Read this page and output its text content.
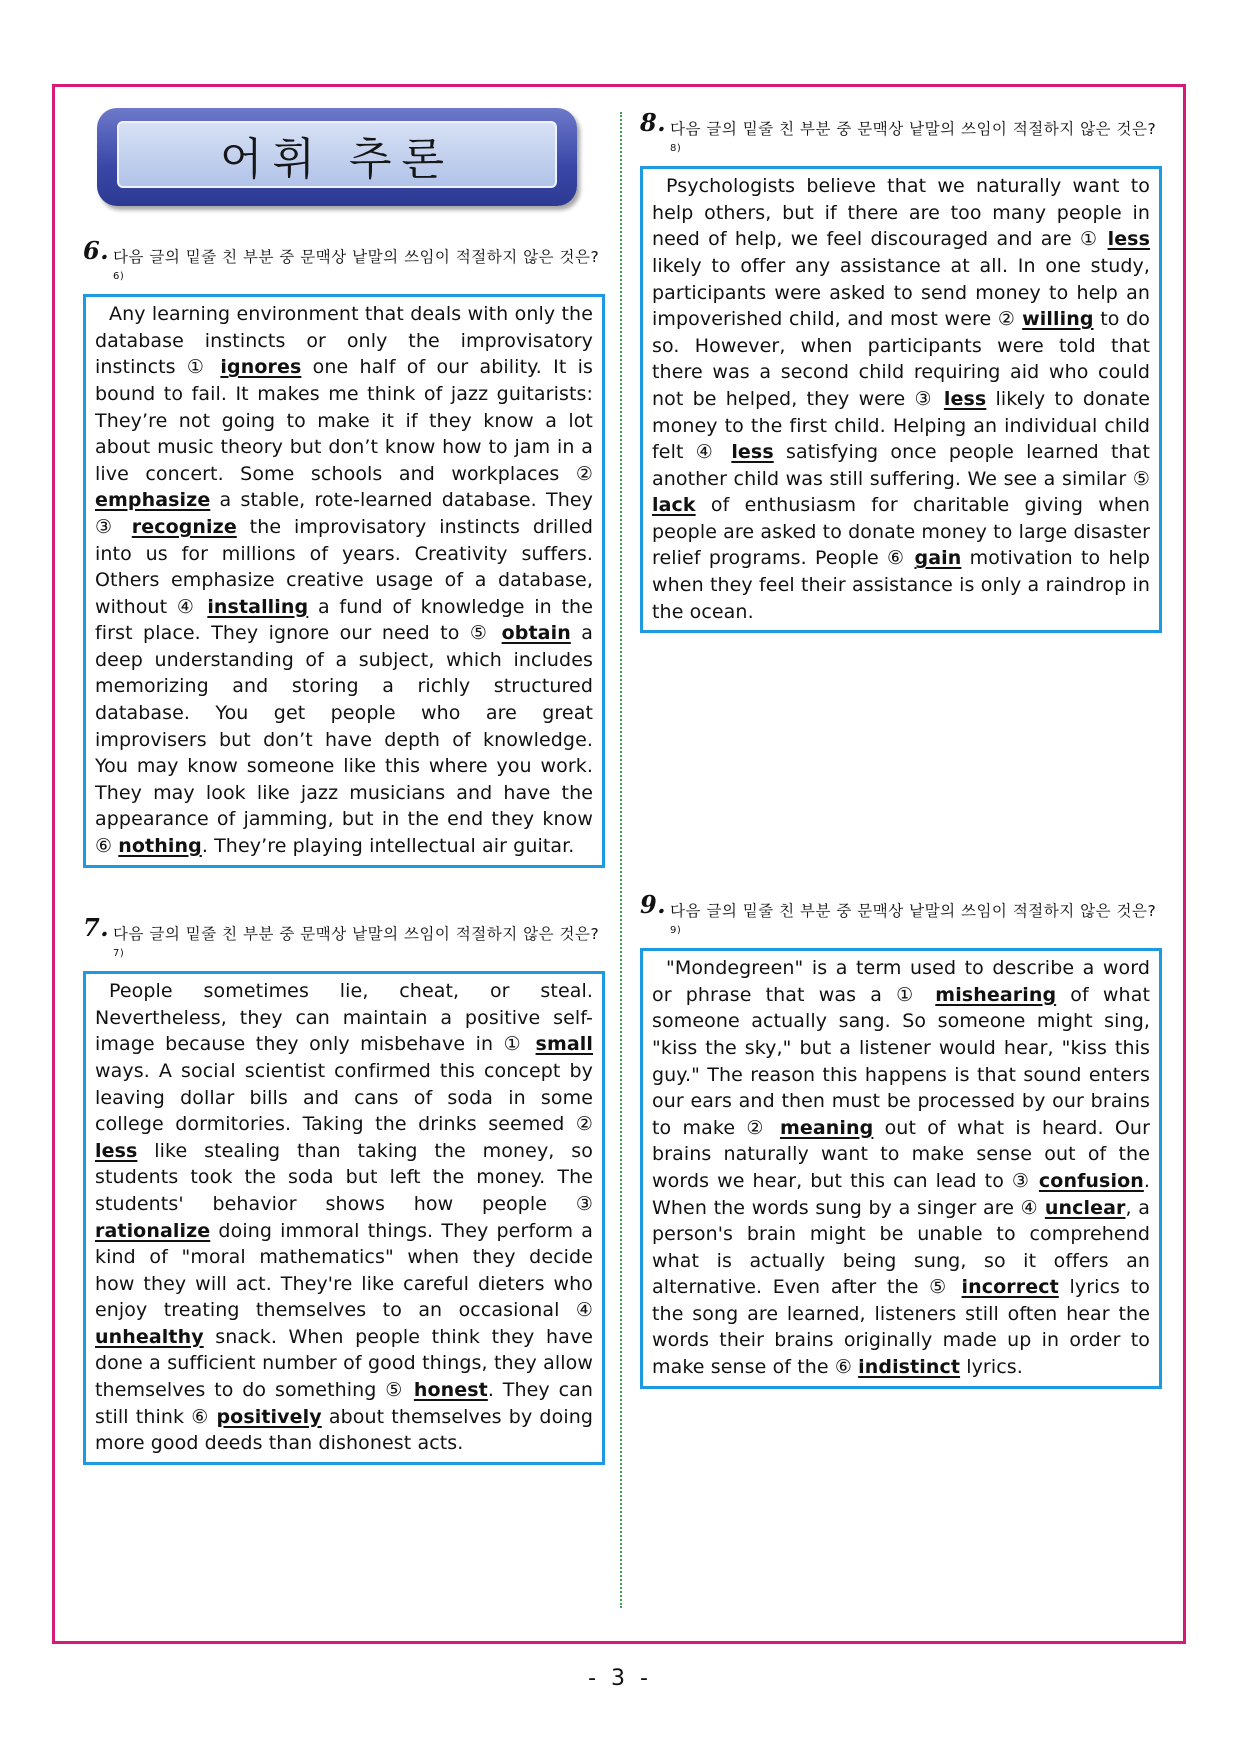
어휘 추론
6. 다음 글의 밑줄 친 부분 중 문맥상 낱말의 쓰임이 적절하지 않은 것은?$^{6)}$
Any learning environment that deals with only the database instincts or only the improvisatory instincts ① ignores one half of our ability. It is bound to fail. It makes me think of jazz guitarists: They’re not going to make it if they know a lot about music theory but don’t know how to jam in a live concert. Some schools and workplaces ② emphasize a stable, rote-learned database. They ③ recognize the improvisatory instincts drilled into us for millions of years. Creativity suffers. Others emphasize creative usage of a database, without ④ installing a fund of knowledge in the first place. They ignore our need to ⑤ obtain a deep understanding of a subject, which includes memorizing and storing a richly structured database. You get people who are great improvisers but don’t have depth of knowledge. You may know someone like this where you work. They may look like jazz musicians and have the appearance of jamming, but in the end they know ⑥ nothing. They’re playing intellectual air guitar.
7. 다음 글의 밑줄 친 부분 중 문맥상 낱말의 쓰임이 적절하지 않은 것은?$^{7)}$
People sometimes lie, cheat, or steal. Nevertheless, they can maintain a positive self-image because they only misbehave in ① small ways. A social scientist confirmed this concept by leaving dollar bills and cans of soda in some college dormitories. Taking the drinks seemed ② less like stealing than taking the money, so students took the soda but left the money. The students' behavior shows how people ③ rationalize doing immoral things. They perform a kind of "moral mathematics" when they decide how they will act. They're like careful dieters who enjoy treating themselves to an occasional ④ unhealthy snack. When people think they have done a sufficient number of good things, they allow themselves to do something ⑤ honest. They can still think ⑥ positively about themselves by doing more good deeds than dishonest acts.
8. 다음 글의 밑줄 친 부분 중 문맥상 낱말의 쓰임이 적절하지 않은 것은?$^{8)}$
Psychologists believe that we naturally want to help others, but if there are too many people in need of help, we feel discouraged and are ① less likely to offer any assistance at all. In one study, participants were asked to send money to help an impoverished child, and most were ② willing to do so. However, when participants were told that there was a second child requiring aid who could not be helped, they were ③ less likely to donate money to the first child. Helping an individual child felt ④ less satisfying once people learned that another child was still suffering. We see a similar ⑤ lack of enthusiasm for charitable giving when people are asked to donate money to large disaster relief programs. People ⑥ gain motivation to help when they feel their assistance is only a raindrop in the ocean.
9. 다음 글의 밑줄 친 부분 중 문맥상 낱말의 쓰임이 적절하지 않은 것은?$^{9)}$
"Mondegreen" is a term used to describe a word or phrase that was a ① mishearing of what someone actually sang. So someone might sing, "kiss the sky," but a listener would hear, "kiss this guy." The reason this happens is that sound enters our ears and then must be processed by our brains to make ② meaning out of what is heard. Our brains naturally want to make sense out of the words we hear, but this can lead to ③ confusion. When the words sung by a singer are ④ unclear, a person's brain might be unable to comprehend what is actually being sung, so it offers an alternative. Even after the ⑤ incorrect lyrics to the song are learned, listeners still often hear the words their brains originally made up in order to make sense of the ⑥ indistinct lyrics.
- 3 -
